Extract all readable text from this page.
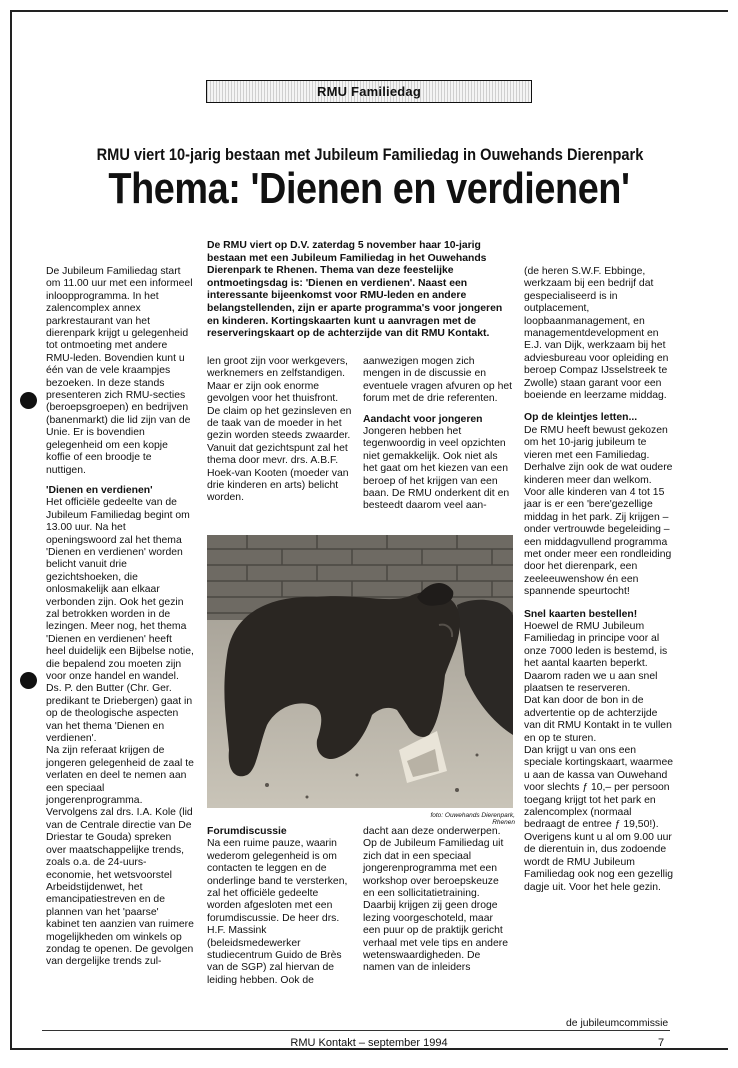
RMU Familiedag
RMU viert 10-jarig bestaan met Jubileum Familiedag in Ouwehands Dierenpark
Thema: 'Dienen en verdienen'
De RMU viert op D.V. zaterdag 5 november haar 10-jarig bestaan met een Jubileum Familiedag in het Ouwehands Dierenpark te Rhenen. Thema van deze feestelijke ontmoetingsdag is: 'Dienen en verdienen'. Naast een interessante bijeenkomst voor RMU-leden en andere belangstellenden, zijn er aparte programma's voor jongeren en kinderen. Kortingskaarten kunt u aanvragen met de reserveringskaart op de achterzijde van dit RMU Kontakt.

De Jubileum Familiedag start om 11.00 uur met een informeel inloopprogramma. In het zalencomplex annex parkrestaurant van het dierenpark krijgt u gelegenheid tot ontmoeting met andere RMU-leden. Bovendien kunt u één van de vele kraampjes bezoeken. In deze stands presenteren zich RMU-secties (beroepsgroepen) en bedrijven (banenmarkt) die lid zijn van de Unie. Er is bovendien gelegenheid om een kopje koffie of een broodje te nuttigen.

'Dienen en verdienen'

Het officiële gedeelte van de Jubileum Familiedag begint om 13.00 uur. Na het openingswoord zal het thema 'Dienen en verdienen' worden belicht vanuit drie gezichtshoeken, die onlosmakelijk aan elkaar verbonden zijn. Ook het gezin zal betrokken worden in de lezingen. Meer nog, het thema 'Dienen en verdienen' heeft heel duidelijk een Bijbelse notie, die bepalend zou moeten zijn voor onze handel en wandel.

Ds. P. den Butter (Chr. Ger. predikant te Driebergen) gaat in op de theologische aspecten van het thema 'Dienen en verdienen'.

Na zijn referaat krijgen de jongeren gelegenheid de zaal te verlaten en deel te nemen aan een speciaal jongerenprogramma. Vervolgens zal drs. I.A. Kole (lid van de Centrale directie van De Driestar te Gouda) spreken over maatschappelijke trends, zoals o.a. de 24-uurs-economie, het wetsvoorstel Arbeidstijdenwet, het emancipatiestreven en de plannen van het 'paarse' kabinet ten aanzien van ruimere mogelijkheden om winkels op zondag te openen. De gevolgen van dergelijke trends zul-

len groot zijn voor werkgevers, werknemers en zelfstandigen.

Maar er zijn ook enorme gevolgen voor het thuisfront. De claim op het gezinsleven en de taak van de moeder in het gezin worden steeds zwaarder. Vanuit dat gezichtspunt zal het thema door mevr. drs. A.B.F. Hoek-van Kooten (moeder van drie kinderen en arts) belicht worden.

aanwezigen mogen zich mengen in de discussie en eventuele vragen afvuren op het forum met de drie referenten.

Aandacht voor jongeren

Jongeren hebben het tegenwoordig in veel opzichten niet gemakkelijk. Ook niet als het gaat om het kiezen van een beroep of het krijgen van een baan. De RMU onderkent dit en besteedt daarom veel aan-

foto: Ouwehands Dierenpark, Rhenen

Forumdiscussie

Na een ruime pauze, waarin wederom gelegenheid is om contacten te leggen en de onderlinge band te versterken, zal het officiële gedeelte worden afgesloten met een forumdiscussie. De heer drs. H.F. Massink (beleidsmedewerker studiecentrum Guido de Brès van de SGP) zal hiervan de leiding hebben. Ook de

dacht aan deze onderwerpen. Op de Jubileum Familiedag uit zich dat in een speciaal jongerenprogramma met een workshop over beroepskeuze en een sollicitatietraining. Daarbij krijgen zij geen droge lezing voorgeschoteld, maar een puur op de praktijk gericht verhaal met vele tips en andere wetenswaardigheden. De namen van de inleiders

(de heren S.W.F. Ebbinge, werkzaam bij een bedrijf dat gespecialiseerd is in outplacement, loopbaanmanagement, en managementdevelopment en E.J. van Dijk, werkzaam bij het adviesbureau voor opleiding en beroep Compaz IJsselstreek te Zwolle) staan garant voor een boeiende en leerzame middag.

Op de kleintjes letten...

De RMU heeft bewust gekozen om het 10-jarig jubileum te vieren met een Familiedag. Derhalve zijn ook de wat oudere kinderen meer dan welkom. Voor alle kinderen van 4 tot 15 jaar is er een 'bere'gezellige middag in het park. Zij krijgen – onder vertrouwde begeleiding – een middagvullend programma met onder meer een rondleiding door het dierenpark, een zeeleeuwenshow én een spannende speurtocht!

Snel kaarten bestellen!

Hoewel de RMU Jubileum Familiedag in principe voor al onze 7000 leden is bestemd, is het aantal kaarten beperkt. Daarom raden we u aan snel plaatsen te reserveren.

Dat kan door de bon in de advertentie op de achterzijde van dit RMU Kontakt in te vullen en op te sturen.

Dan krijgt u van ons een speciale kortingskaart, waarmee u aan de kassa van Ouwehand voor slechts ƒ 10,– per persoon toegang krijgt tot het park en zalencomplex (normaal bedraagt de entree ƒ 19,50!). Overigens kunt u al om 9.00 uur de dierentuin in, dus zodoende wordt de RMU Jubileum Familiedag ook nog een gezellig dagje uit. Voor het hele gezin.

de jubileumcommissie
RMU Kontakt – september 1994	7
